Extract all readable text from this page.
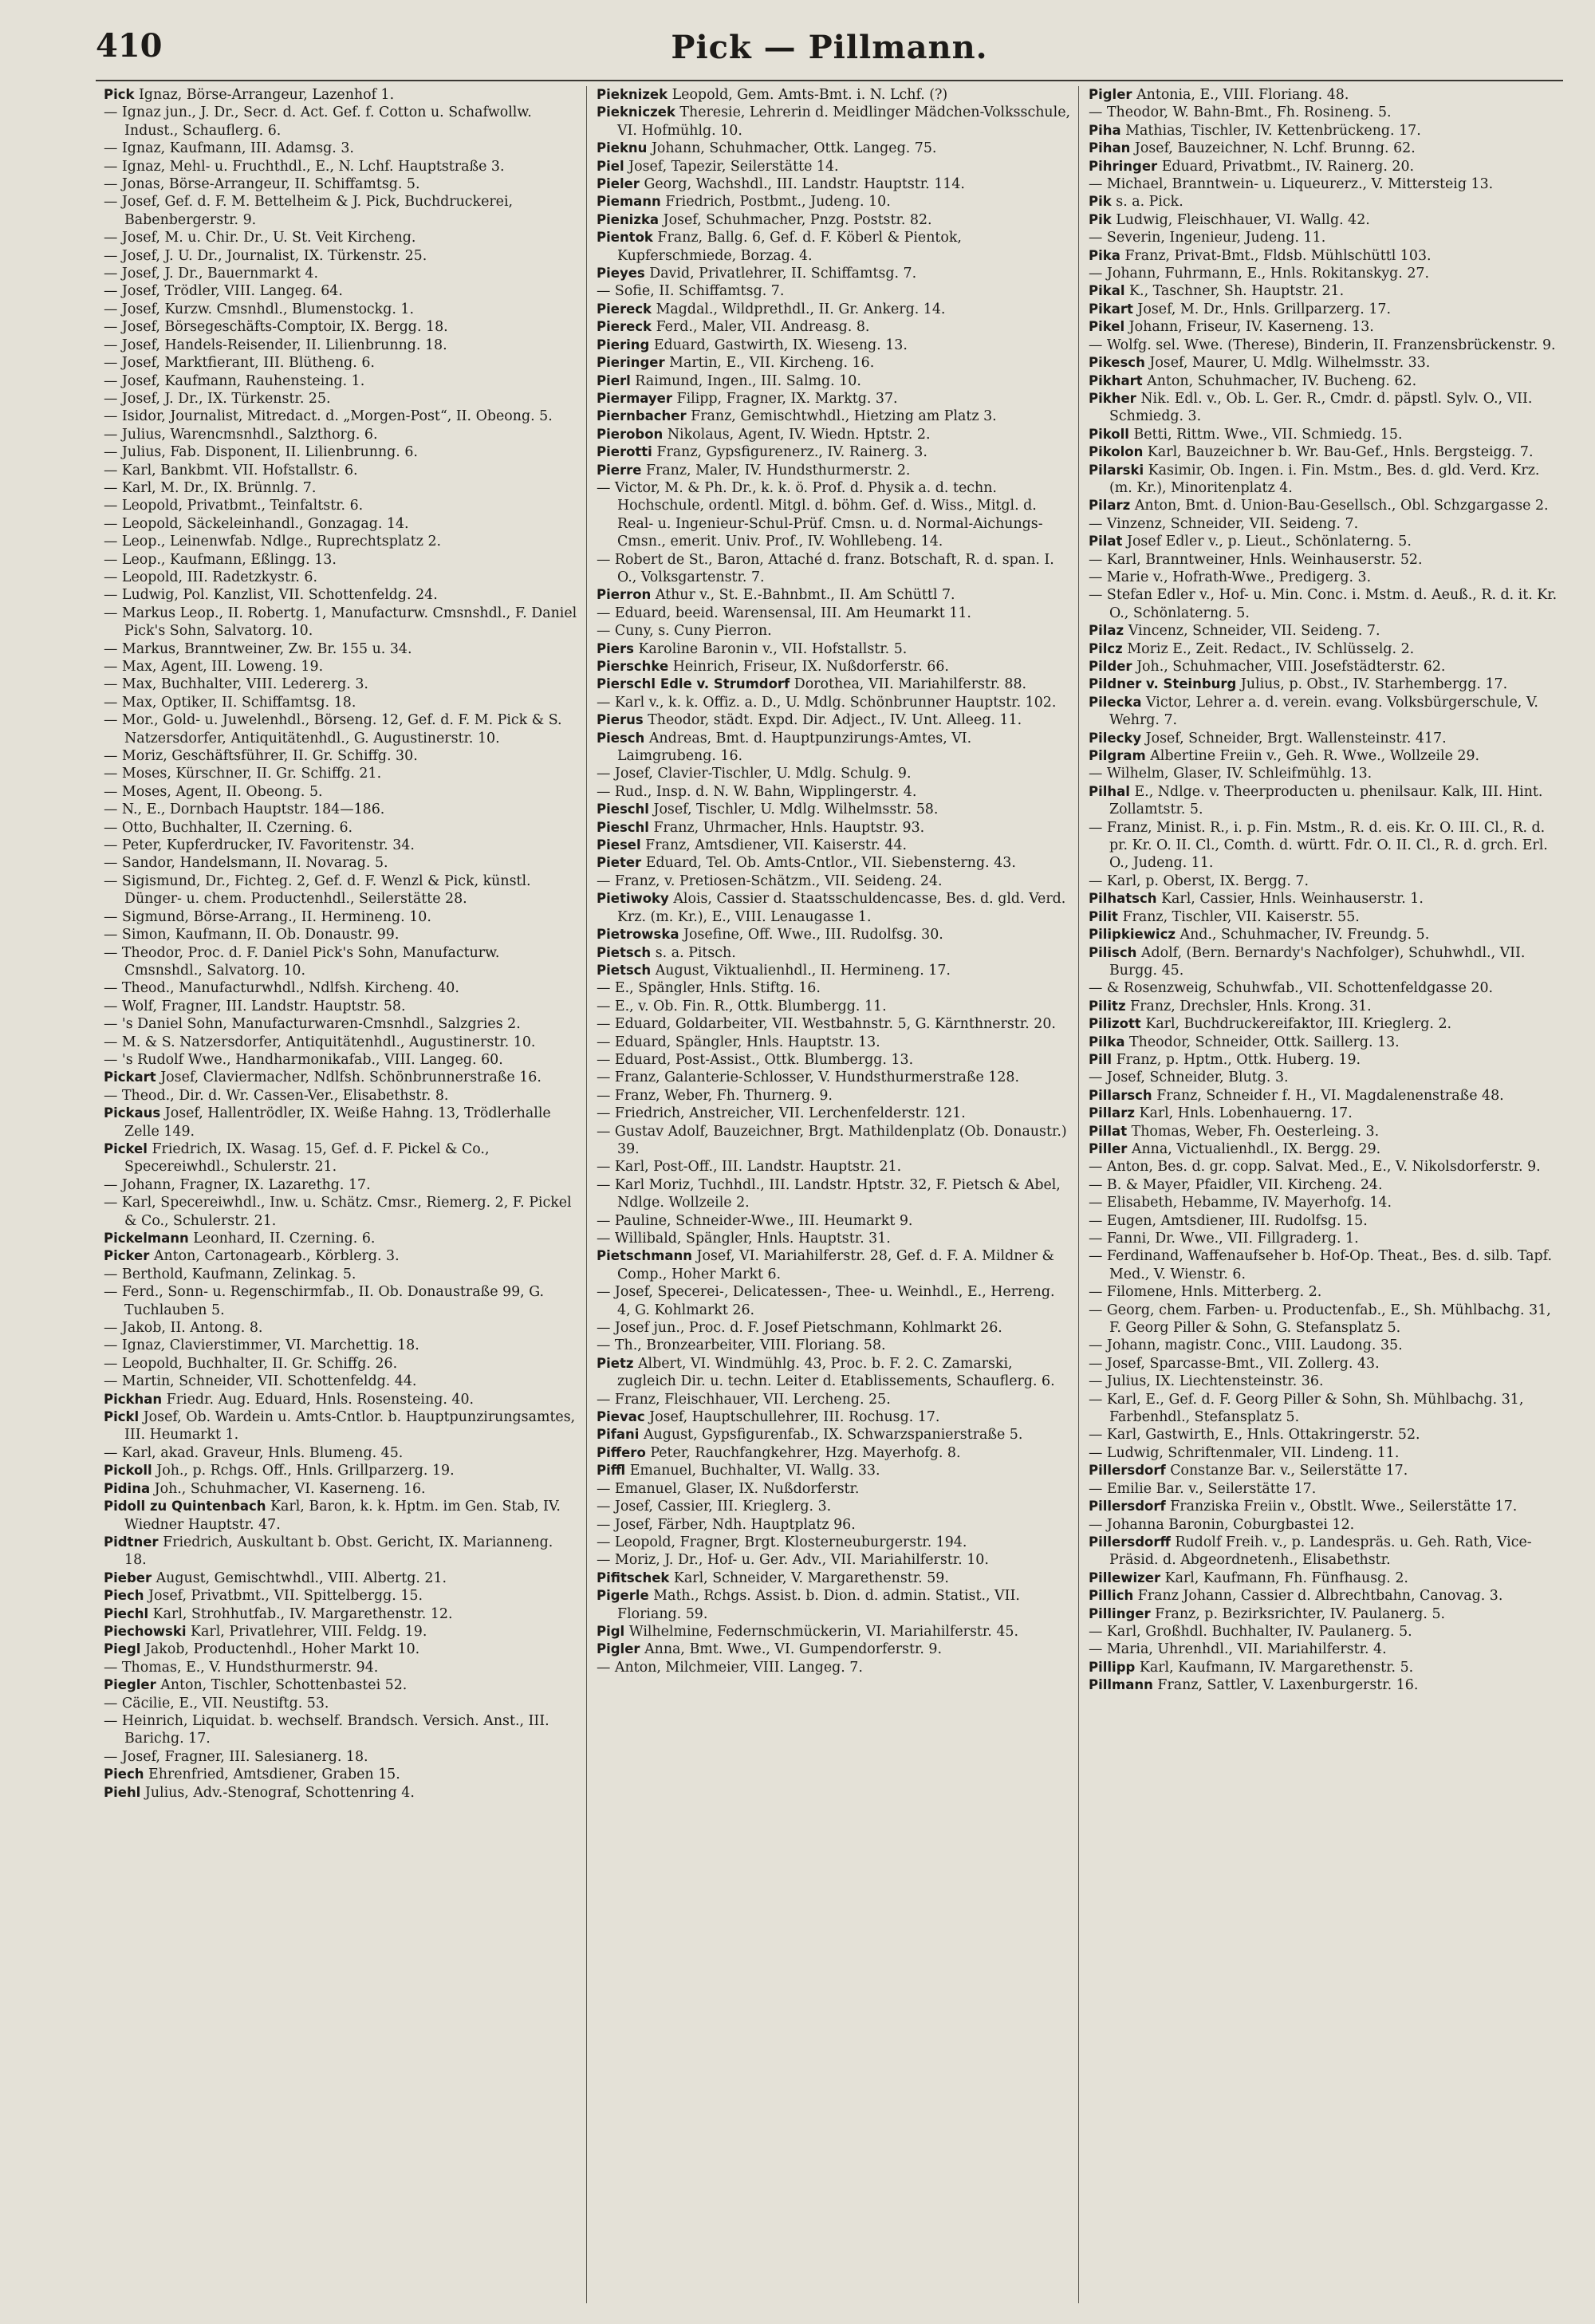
410	Pick — Pillmann.
Pick Ignaz, Börse-Arrangeur, Lazenhof 1.
— Ignaz jun., J. Dr., Secr. d. Act. Gef. f. Cotton u. Schafwollw. Indust., Schauflerg. 6.
— Ignaz, Kaufmann, III. Adamsg. 3.
— Ignaz, Mehl- u. Fruchthdl., E., N. Lchf. Hauptstraße 3.
— Jonas, Börse-Arrangeur, II. Schiffamtsg. 5.
— Josef, Gef. d. F. M. Bettelheim & J. Pick, Buchdruckerei, Babenbergerstr. 9.
— Josef, M. u. Chir. Dr., U. St. Veit Kircheng.
— Josef, J. U. Dr., Journalist, IX. Türkenstr. 25.
— Josef, J. Dr., Bauernmarkt 4.
— Josef, Trödler, VIII. Langeg. 64.
— Josef, Kurzw. Cmsnhdl., Blumenstockg. 1.
— Josef, Börsegeschäfts-Comptoir, IX. Bergg. 18.
— Josef, Handels-Reisender, II. Lilienbrunng. 18.
— Josef, Marktfierant, III. Blütheng. 6.
— Josef, Kaufmann, Rauhensteing. 1.
— Josef, J. Dr., IX. Türkenstr. 25.
— Isidor, Journalist, Mitredact. d. „Morgen-Post“, II. Obeong. 5.
— Julius, Warencmsnhdl., Salzthorg. 6.
— Julius, Fab. Disponent, II. Lilienbrunng. 6.
— Karl, Bankbmt. VII. Hofstallstr. 6.
— Karl, M. Dr., IX. Brünnlg. 7.
— Leopold, Privatbmt., Teinfaltstr. 6.
— Leopold, Säckeleinhandl., Gonzagag. 14.
— Leop., Leinenwfab. Ndlge., Ruprechtsplatz 2.
— Leop., Kaufmann, Eßlingg. 13.
— Leopold, III. Radetzkystr. 6.
— Ludwig, Pol. Kanzlist, VII. Schottenfeldg. 24.
— Markus Leop., II. Robertg. 1, Manufacturw. Cmsnshdl., F. Daniel Pick's Sohn, Salvatorg. 10.
— Markus, Branntweiner, Zw. Br. 155 u. 34.
— Max, Agent, III. Loweng. 19.
— Max, Buchhalter, VIII. Ledererg. 3.
— Max, Optiker, II. Schiffamtsg. 18.
— Mor., Gold- u. Juwelenhdl., Börseng. 12, Gef. d. F. M. Pick & S. Natzersdorfer, Antiquitätenhdl., G. Augustinerstr. 10.
— Moriz, Geschäftsführer, II. Gr. Schiffg. 30.
— Moses, Kürschner, II. Gr. Schiffg. 21.
— Moses, Agent, II. Obeong. 5.
— N., E., Dornbach Hauptstr. 184—186.
— Otto, Buchhalter, II. Czerning. 6.
— Peter, Kupferdrucker, IV. Favoritenstr. 34.
— Sandor, Handelsmann, II. Novarag. 5.
— Sigismund, Dr., Fichteg. 2, Gef. d. F. Wenzl & Pick, künstl. Dünger- u. chem. Productenhdl., Seilerstätte 28.
— Sigmund, Börse-Arrang., II. Hermineng. 10.
— Simon, Kaufmann, II. Ob. Donaustr. 99.
— Theodor, Proc. d. F. Daniel Pick's Sohn, Manufacturw. Cmsnshdl., Salvatorg. 10.
— Theod., Manufacturwhdl., Ndlfsh. Kircheng. 40.
— Wolf, Fragner, III. Landstr. Hauptstr. 58.
— 's Daniel Sohn, Manufacturwaren-Cmsnhdl., Salzgries 2.
— M. & S. Natzersdorfer, Antiquitätenhdl., Augustinerstr. 10.
— 's Rudolf Wwe., Handharmonikafab., VIII. Langeg. 60.
Pickart Josef, Claviermacher, Ndlfsh. Schönbrunnerstraße 16.
— Theod., Dir. d. Wr. Cassen-Ver., Elisabethstr. 8.
Pickaus Josef, Hallentrödler, IX. Weiße Hahng. 13, Trödlerhalle Zelle 149.
Pickel Friedrich, IX. Wasag. 15, Gef. d. F. Pickel & Co., Specereiwhdl., Schulerstr. 21.
— Johann, Fragner, IX. Lazarethg. 17.
— Karl, Specereiwhdl., Inw. u. Schätz. Cmsr., Riemerg. 2, F. Pickel & Co., Schulerstr. 21.
Pickelmann Leonhard, II. Czerning. 6.
Picker Anton, Cartonagearb., Körblerg. 3.
— Berthold, Kaufmann, Zelinkag. 5.
— Ferd., Sonn- u. Regenschirmfab., II. Ob. Donaustraße 99, G. Tuchlauben 5.
— Jakob, II. Antong. 8.
— Ignaz, Clavierstimmer, VI. Marchettig. 18.
— Leopold, Buchhalter, II. Gr. Schiffg. 26.
— Martin, Schneider, VII. Schottenfeldg. 44.
Pickhan Friedr. Aug. Eduard, Hnls. Rosensteing. 40.
Pickl Josef, Ob. Wardein u. Amts-Cntlor. b. Hauptpunzirungsamtes, III. Heumarkt 1.
— Karl, akad. Graveur, Hnls. Blumeng. 45.
Pickoll Joh., p. Rchgs. Off., Hnls. Grillparzerg. 19.
Pidina Joh., Schuhmacher, VI. Kaserneng. 16.
Pidoll zu Quintenbach Karl, Baron, k. k. Hptm. im Gen. Stab, IV. Wiedner Hauptstr. 47.
Pidtner Friedrich, Auskultant b. Obst. Gericht, IX. Marianneng. 18.
Pieber August, Gemischtwhdl., VIII. Albertg. 21.
Piech Josef, Privatbmt., VII. Spittelbergg. 15.
Piechl Karl, Strohhutfab., IV. Margarethenstr. 12.
Piechowski Karl, Privatlehrer, VIII. Feldg. 19.
Piegl Jakob, Productenhdl., Hoher Markt 10.
— Thomas, E., V. Hundsthurmerstr. 94.
Piegler Anton, Tischler, Schottenbastei 52.
— Cäcilie, E., VII. Neustiftg. 53.
— Heinrich, Liquidat. b. wechself. Brandsch. Versich. Anst., III. Barichg. 17.
— Josef, Fragner, III. Salesianerg. 18.
Piech Ehrenfried, Amtsdiener, Graben 15.
Piehl Julius, Adv.-Stenograf, Schottenring 4.
Pieknizek Leopold, Gem. Amts-Bmt. i. N. Lchf. (?)
Piekniczek Theresie, Lehrerin d. Meidlinger Mädchen-Volksschule, VI. Hofmühlg. 10.
Pieknu Johann, Schuhmacher, Ottk. Langeg. 75.
Piel Josef, Tapezir, Seilerstätte 14.
Pieler Georg, Wachshdl., III. Landstr. Hauptstr. 114.
Piemann Friedrich, Postbmt., Judeng. 10.
Pienizka Josef, Schuhmacher, Pnzg. Poststr. 82.
Pientok Franz, Ballg. 6, Gef. d. F. Köberl & Pientok, Kupferschmiede, Borzag. 4.
Pieyes David, Privatlehrer, II. Schiffamtsg. 7.
— Sofie, II. Schiffamtsg. 7.
Piereck Magdal., Wildprethdl., II. Gr. Ankerg. 14.
Piereck Ferd., Maler, VII. Andreasg. 8.
Piering Eduard, Gastwirth, IX. Wieseng. 13.
Pieringer Martin, E., VII. Kircheng. 16.
Pierl Raimund, Ingen., III. Salmg. 10.
Piermayer Filipp, Fragner, IX. Marktg. 37.
Piernbacher Franz, Gemischtwhdl., Hietzing am Platz 3.
Pierobon Nikolaus, Agent, IV. Wiedn. Hptstr. 2.
Pierotti Franz, Gypsfigurenerz., IV. Rainerg. 3.
Pierre Franz, Maler, IV. Hundsthurmerstr. 2.
— Victor, M. & Ph. Dr., k. k. ö. Prof. d. Physik a. d. techn. Hochschule, ordentl. Mitgl. d. böhm. Gef. d. Wiss., Mitgl. d. Real- u. Ingenieur-Schul-Prüf. Cmsn. u. d. Normal-Aichungs-Cmsn., emerit. Univ. Prof., IV. Wohllebeng. 14.
— Robert de St., Baron, Attaché d. franz. Botschaft, R. d. span. I. O., Volksgartenstr. 7.
Pierron Athur v., St. E.-Bahnbmt., II. Am Schüttl 7.
— Eduard, beeid. Warensensal, III. Am Heumarkt 11.
— Cuny, s. Cuny Pierron.
Piers Karoline Baronin v., VII. Hofstallstr. 5.
Pierschke Heinrich, Friseur, IX. Nußdorferstr. 66.
Pierschl Edle v. Strumdorf Dorothea, VII. Mariahilferstr. 88.
— Karl v., k. k. Offiz. a. D., U. Mdlg. Schönbrunner Hauptstr. 102.
Pierus Theodor, städt. Expd. Dir. Adject., IV. Unt. Alleeg. 11.
Piesch Andreas, Bmt. d. Hauptpunzirungs-Amtes, VI. Laimgrubeng. 16.
— Josef, Clavier-Tischler, U. Mdlg. Schulg. 9.
— Rud., Insp. d. N. W. Bahn, Wipplingerstr. 4.
Pieschl Josef, Tischler, U. Mdlg. Wilhelmsstr. 58.
Pieschl Franz, Uhrmacher, Hnls. Hauptstr. 93.
Piesel Franz, Amtsdiener, VII. Kaiserstr. 44.
Pieter Eduard, Tel. Ob. Amts-Cntlor., VII. Siebensterng. 43.
— Franz, v. Pretiosen-Schätzm., VII. Seideng. 24.
Pietiwoky Alois, Cassier d. Staatsschuldencasse, Bes. d. gld. Verd. Krz. (m. Kr.), E., VIII. Lenaugasse 1.
Pietrowska Josefine, Off. Wwe., III. Rudolfsg. 30.
Pietsch s. a. Pitsch.
Pietsch August, Viktualienhdl., II. Hermineng. 17.
— E., Spängler, Hnls. Stiftg. 16.
— E., v. Ob. Fin. R., Ottk. Blumbergg. 11.
— Eduard, Goldarbeiter, VII. Westbahnstr. 5, G. Kärnthnerstr. 20.
— Eduard, Spängler, Hnls. Hauptstr. 13.
— Eduard, Post-Assist., Ottk. Blumbergg. 13.
— Franz, Galanterie-Schlosser, V. Hundsthurmerstraße 128.
— Franz, Weber, Fh. Thurnerg. 9.
— Friedrich, Anstreicher, VII. Lerchenfelderstr. 121.
— Gustav Adolf, Bauzeichner, Brgt. Mathildenplatz (Ob. Donaustr.) 39.
— Karl, Post-Off., III. Landstr. Hauptstr. 21.
— Karl Moriz, Tuchhdl., III. Landstr. Hptstr. 32, F. Pietsch & Abel, Ndlge. Wollzeile 2.
— Pauline, Schneider-Wwe., III. Heumarkt 9.
— Willibald, Spängler, Hnls. Hauptstr. 31.
Pietschmann Josef, VI. Mariahilferstr. 28, Gef. d. F. A. Mildner & Comp., Hoher Markt 6.
— Josef, Specerei-, Delicatessen-, Thee- u. Weinhdl., E., Herreng. 4, G. Kohlmarkt 26.
— Josef jun., Proc. d. F. Josef Pietschmann, Kohlmarkt 26.
— Th., Bronzearbeiter, VIII. Floriang. 58.
Pietz Albert, VI. Windmühlg. 43, Proc. b. F. 2. C. Zamarski, zugleich Dir. u. techn. Leiter d. Etablissements, Schauflerg. 6.
— Franz, Fleischhauer, VII. Lercheng. 25.
Pievac Josef, Hauptschullehrer, III. Rochusg. 17.
Pifani August, Gypsfigurenfab., IX. Schwarzspanierstraße 5.
Piffero Peter, Rauchfangkehrer, Hzg. Mayerhofg. 8.
Piffl Emanuel, Buchhalter, VI. Wallg. 33.
— Emanuel, Glaser, IX. Nußdorferstr.
— Josef, Cassier, III. Krieglerg. 3.
— Josef, Färber, Ndh. Hauptplatz 96.
— Leopold, Fragner, Brgt. Klosterneuburgerstr. 194.
— Moriz, J. Dr., Hof- u. Ger. Adv., VII. Mariahilferstr. 10.
Pifitschek Karl, Schneider, V. Margarethenstr. 59.
Pigerle Math., Rchgs. Assist. b. Dion. d. admin. Statist., VII. Floriang. 59.
Pigl Wilhelmine, Federnschmückerin, VI. Mariahilferstr. 45.
Pigler Anna, Bmt. Wwe., VI. Gumpendorferstr. 9.
— Anton, Milchmeier, VIII. Langeg. 7.
Pigler Antonia, E., VIII. Floriang. 48.
— Theodor, W. Bahn-Bmt., Fh. Rosineng. 5.
Piha Mathias, Tischler, IV. Kettenbrückeng. 17.
Pihan Josef, Bauzeichner, N. Lchf. Brunng. 62.
Pihringer Eduard, Privatbmt., IV. Rainerg. 20.
— Michael, Branntwein- u. Liqueurerz., V. Mittersteig 13.
Pik s. a. Pick.
Pik Ludwig, Fleischhauer, VI. Wallg. 42.
— Severin, Ingenieur, Judeng. 11.
Pika Franz, Privat-Bmt., Fldsb. Mühlschüttl 103.
— Johann, Fuhrmann, E., Hnls. Rokitanskyg. 27.
Pikal K., Taschner, Sh. Hauptstr. 21.
Pikart Josef, M. Dr., Hnls. Grillparzerg. 17.
Pikel Johann, Friseur, IV. Kaserneng. 13.
— Wolfg. sel. Wwe. (Therese), Binderin, II. Franzensbrückenstr. 9.
Pikesch Josef, Maurer, U. Mdlg. Wilhelmsstr. 33.
Pikhart Anton, Schuhmacher, IV. Bucheng. 62.
Pikher Nik. Edl. v., Ob. L. Ger. R., Cmdr. d. päpstl. Sylv. O., VII. Schmiedg. 3.
Pikoll Betti, Rittm. Wwe., VII. Schmiedg. 15.
Pikolon Karl, Bauzeichner b. Wr. Bau-Gef., Hnls. Bergsteigg. 7.
Pilarski Kasimir, Ob. Ingen. i. Fin. Mstm., Bes. d. gld. Verd. Krz. (m. Kr.), Minoritenplatz 4.
Pilarz Anton, Bmt. d. Union-Bau-Gesellsch., Obl. Schzgargasse 2.
— Vinzenz, Schneider, VII. Seideng. 7.
Pilat Josef Edler v., p. Lieut., Schönlaterng. 5.
— Karl, Branntweiner, Hnls. Weinhauserstr. 52.
— Marie v., Hofrath-Wwe., Predigerg. 3.
— Stefan Edler v., Hof- u. Min. Conc. i. Mstm. d. Aeuß., R. d. it. Kr. O., Schönlaterng. 5.
Pilaz Vincenz, Schneider, VII. Seideng. 7.
Pilcz Moriz E., Zeit. Redact., IV. Schlüsselg. 2.
Pilder Joh., Schuhmacher, VIII. Josefstädterstr. 62.
Pildner v. Steinburg Julius, p. Obst., IV. Starhembergg. 17.
Pilecka Victor, Lehrer a. d. verein. evang. Volksbürgerschule, V. Wehrg. 7.
Pilecky Josef, Schneider, Brgt. Wallensteinstr. 417.
Pilgram Albertine Freiin v., Geh. R. Wwe., Wollzeile 29.
— Wilhelm, Glaser, IV. Schleifmühlg. 13.
Pilhal E., Ndlge. v. Theerproducten u. phenilsaur. Kalk, III. Hint. Zollamtstr. 5.
— Franz, Minist. R., i. p. Fin. Mstm., R. d. eis. Kr. O. III. Cl., R. d. pr. Kr. O. II. Cl., Comth. d. württ. Fdr. O. II. Cl., R. d. grch. Erl. O., Judeng. 11.
— Karl, p. Oberst, IX. Bergg. 7.
Pilhatsch Karl, Cassier, Hnls. Weinhauserstr. 1.
Pilit Franz, Tischler, VII. Kaiserstr. 55.
Pilipkiewicz And., Schuhmacher, IV. Freundg. 5.
Pilisch Adolf, (Bern. Bernardy's Nachfolger), Schuhwhdl., VII. Burgg. 45.
— & Rosenzweig, Schuhwfab., VII. Schottenfeldgasse 20.
Pilitz Franz, Drechsler, Hnls. Krong. 31.
Pilizott Karl, Buchdruckereifaktor, III. Krieglerg. 2.
Pilka Theodor, Schneider, Ottk. Saillerg. 13.
Pill Franz, p. Hptm., Ottk. Huberg. 19.
— Josef, Schneider, Blutg. 3.
Pillarsch Franz, Schneider f. H., VI. Magdalenenstraße 48.
Pillarz Karl, Hnls. Lobenhauerng. 17.
Pillat Thomas, Weber, Fh. Oesterleing. 3.
Piller Anna, Victualienhdl., IX. Bergg. 29.
— Anton, Bes. d. gr. copp. Salvat. Med., E., V. Nikolsdorferstr. 9.
— B. & Mayer, Pfaidler, VII. Kircheng. 24.
— Elisabeth, Hebamme, IV. Mayerhofg. 14.
— Eugen, Amtsdiener, III. Rudolfsg. 15.
— Fanni, Dr. Wwe., VII. Fillgraderg. 1.
— Ferdinand, Waffenaufseher b. Hof-Op. Theat., Bes. d. silb. Tapf. Med., V. Wienstr. 6.
— Filomene, Hnls. Mitterberg. 2.
— Georg, chem. Farben- u. Productenfab., E., Sh. Mühlbachg. 31, F. Georg Piller & Sohn, G. Stefansplatz 5.
— Johann, magistr. Conc., VIII. Laudong. 35.
— Josef, Sparcasse-Bmt., VII. Zollerg. 43.
— Julius, IX. Liechtensteinstr. 36.
— Karl, E., Gef. d. F. Georg Piller & Sohn, Sh. Mühlbachg. 31, Farbenhdl., Stefansplatz 5.
— Karl, Gastwirth, E., Hnls. Ottakringerstr. 52.
— Ludwig, Schriftenmaler, VII. Lindeng. 11.
Pillersdorf Constanze Bar. v., Seilerstätte 17.
— Emilie Bar. v., Seilerstätte 17.
Pillersdorf Franziska Freiin v., Obstlt. Wwe., Seilerstätte 17.
— Johanna Baronin, Coburgbastei 12.
Pillersdorff Rudolf Freih. v., p. Landespräs. u. Geh. Rath, Vice-Präsid. d. Abgeordnetenh., Elisabethstr.
Pillewizer Karl, Kaufmann, Fh. Fünfhausg. 2.
Pillich Franz Johann, Cassier d. Albrechtbahn, Canovag. 3.
Pillinger Franz, p. Bezirksrichter, IV. Paulanerg. 5.
— Karl, Großhdl. Buchhalter, IV. Paulanerg. 5.
— Maria, Uhrenhdl., VII. Mariahilferstr. 4.
Pillipp Karl, Kaufmann, IV. Margarethenstr. 5.
Pillmann Franz, Sattler, V. Laxenburgerstr. 16.
